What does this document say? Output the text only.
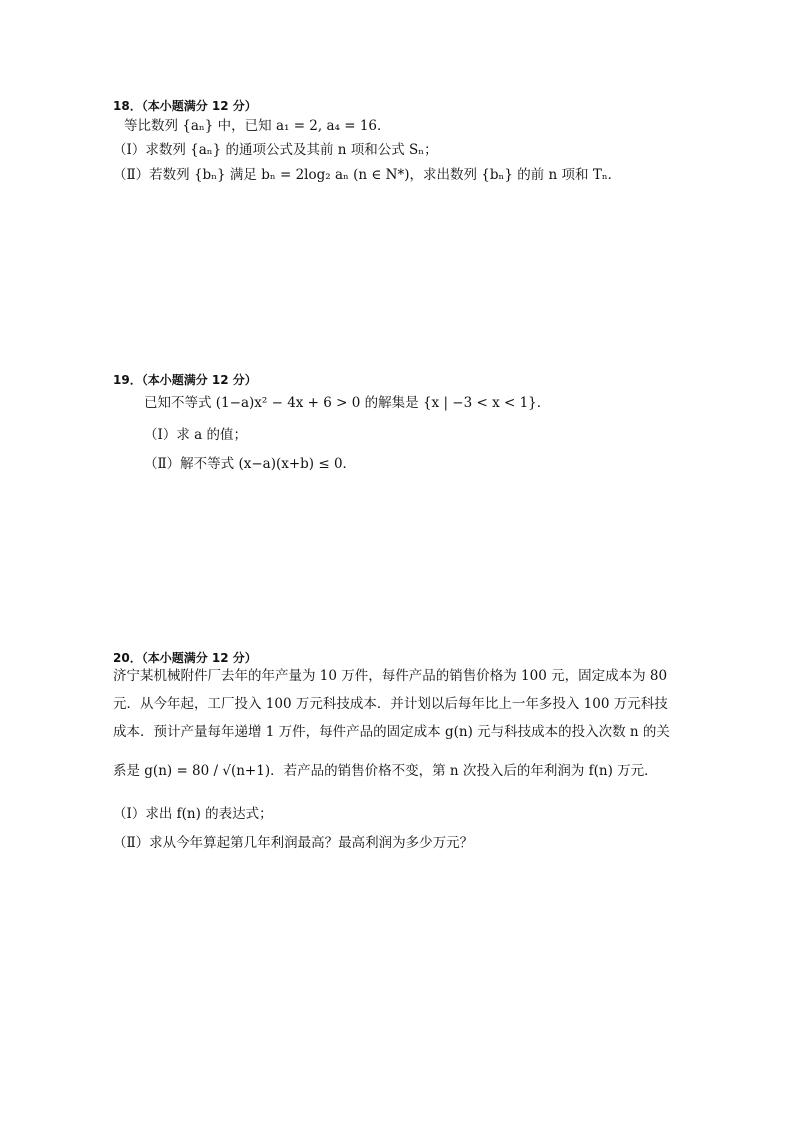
18．（本小题满分 12 分）
等比数列 {aₙ} 中，已知 a₁ = 2, a₄ = 16．
（Ⅰ）求数列 {aₙ} 的通项公式及其前 n 项和公式 Sₙ；
（Ⅱ）若数列 {bₙ} 满足 bₙ = 2log₂ aₙ (n ∈ N*)，求出数列 {bₙ} 的前 n 项和 Tₙ．
19．（本小题满分 12 分）
已知不等式 (1−a)x² − 4x + 6 > 0 的解集是 {x | −3 < x < 1}．
（Ⅰ）求 a 的值；
（Ⅱ）解不等式 (x−a)(x+b) ≤ 0．
20．（本小题满分 12 分）
济宁某机械附件厂去年的年产量为 10 万件，每件产品的销售价格为 100 元，固定成本为 80
元．从今年起，工厂投入 100 万元科技成本．并计划以后每年比上一年多投入 100 万元科技
成本．预计产量每年递增 1 万件，每件产品的固定成本 g(n) 元与科技成本的投入次数 n 的关
系是 g(n) = 80 / √(n+1)．若产品的销售价格不变，第 n 次投入后的年利润为 f(n) 万元．
（Ⅰ）求出 f(n) 的表达式；
（Ⅱ）求从今年算起第几年利润最高？最高利润为多少万元？
